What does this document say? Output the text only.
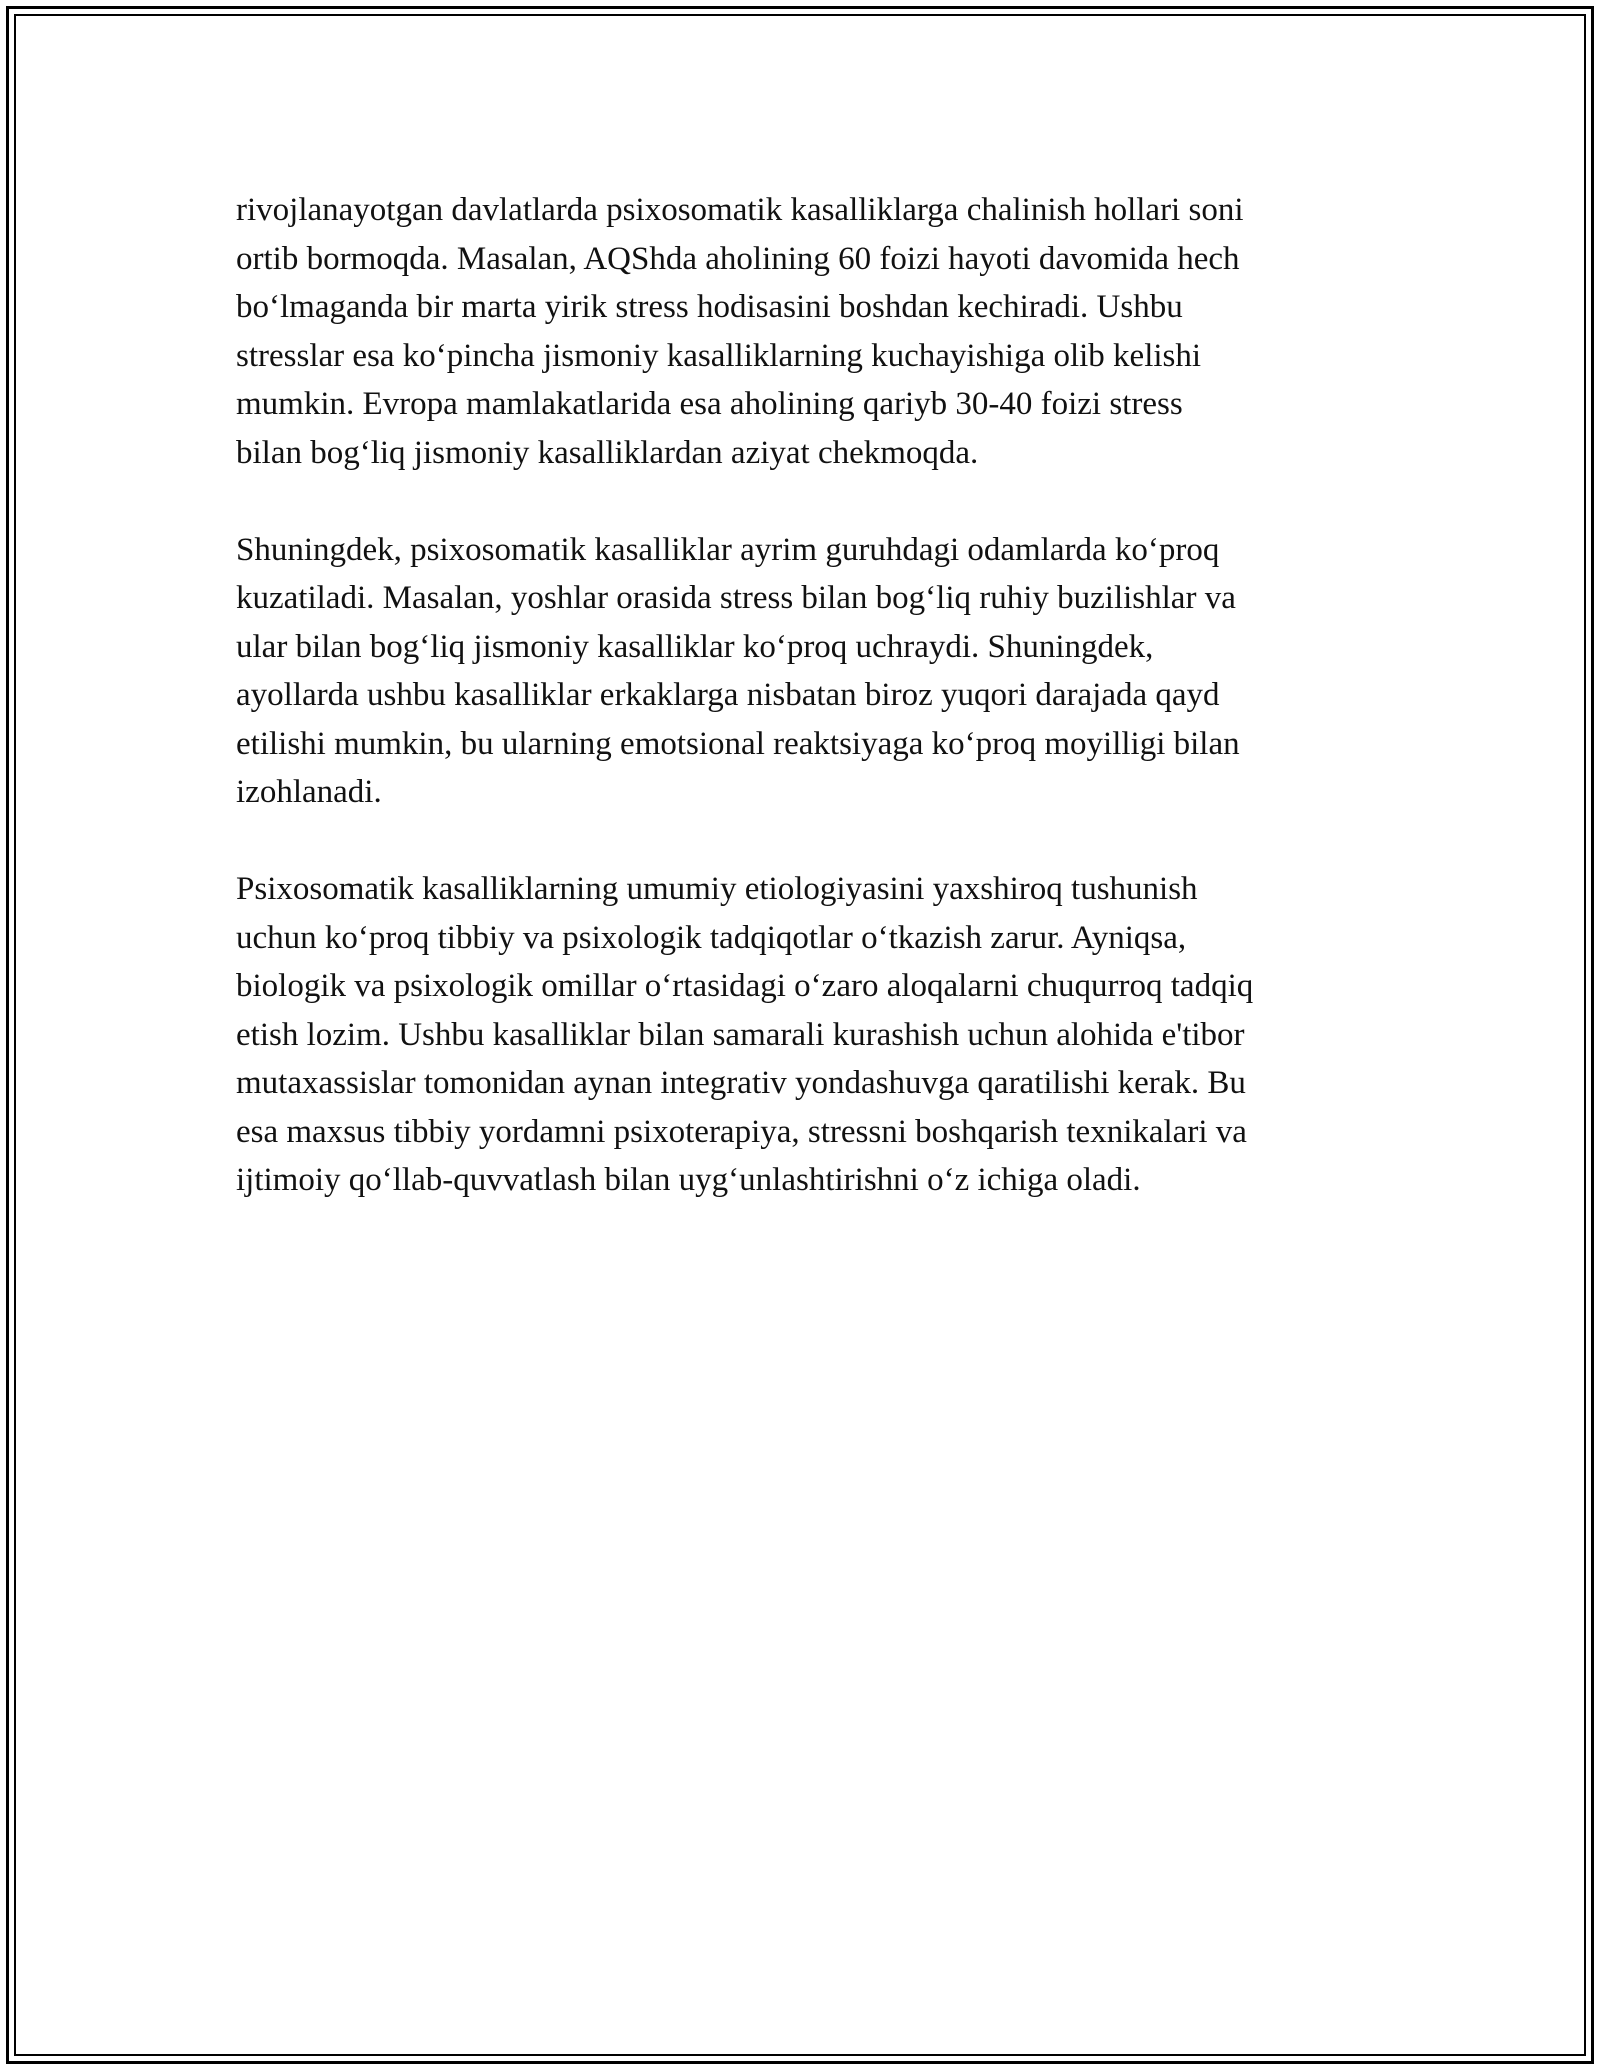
rivojlanayotgan davlatlarda psixosomatik kasalliklarga chalinish hollari soni
ortib bormoqda. Masalan, AQShda aholining 60 foizi hayoti davomida hech
bo‘lmaganda bir marta yirik stress hodisasini boshdan kechiradi. Ushbu
stresslar esa ko‘pincha jismoniy kasalliklarning kuchayishiga olib kelishi
mumkin. Evropa mamlakatlarida esa aholining qariyb 30-40 foizi stress
bilan bog‘liq jismoniy kasalliklardan aziyat chekmoqda.

Shuningdek, psixosomatik kasalliklar ayrim guruhdagi odamlarda ko‘proq
kuzatiladi. Masalan, yoshlar orasida stress bilan bog‘liq ruhiy buzilishlar va
ular bilan bog‘liq jismoniy kasalliklar ko‘proq uchraydi. Shuningdek,
ayollarda ushbu kasalliklar erkaklarga nisbatan biroz yuqori darajada qayd
etilishi mumkin, bu ularning emotsional reaktsiyaga ko‘proq moyilligi bilan
izohlanadi.

Psixosomatik kasalliklarning umumiy etiologiyasini yaxshiroq tushunish
uchun ko‘proq tibbiy va psixologik tadqiqotlar o‘tkazish zarur. Ayniqsa,
biologik va psixologik omillar o‘rtasidagi o‘zaro aloqalarni chuqurroq tadqiq
etish lozim. Ushbu kasalliklar bilan samarali kurashish uchun alohida e'tibor
mutaxassislar tomonidan aynan integrativ yondashuvga qaratilishi kerak. Bu
esa maxsus tibbiy yordamni psixoterapiya, stressni boshqarish texnikalari va
ijtimoiy qo‘llab-quvvatlash bilan uyg‘unlashtirishni o‘z ichiga oladi.
